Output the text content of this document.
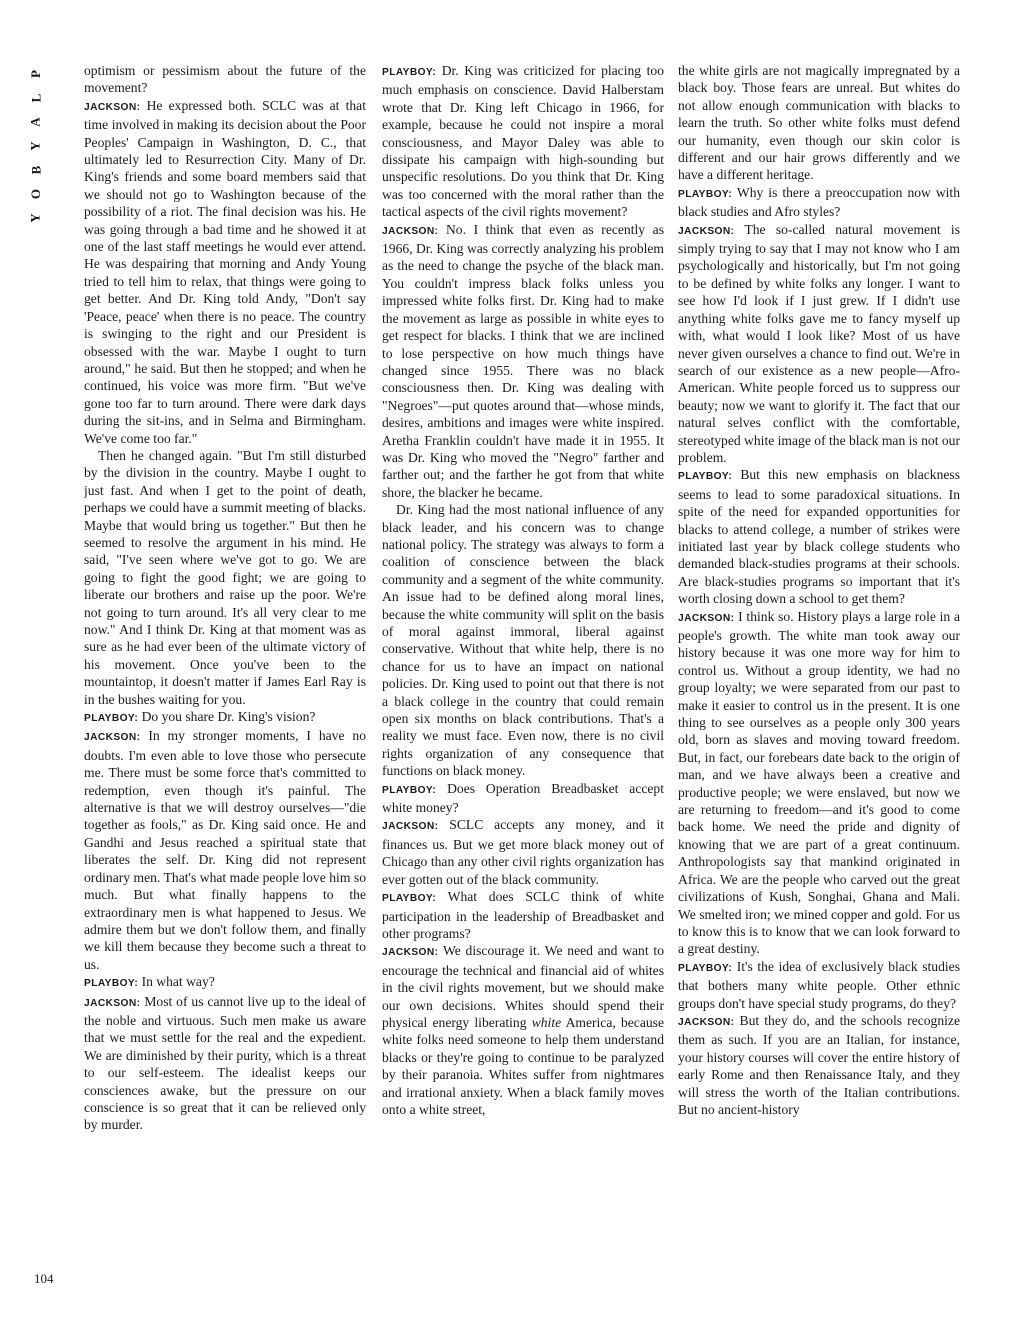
P
L
A
Y
B
O
Y
104

optimism or pessimism about the future of the movement?

JACKSON: He expressed both. SCLC was at that time involved in making its decision about the Poor Peoples' Campaign in Washington, D. C., that ultimately led to Resurrection City. Many of Dr. King's friends and some board members said that we should not go to Washington because of the possibility of a riot. The final decision was his. He was going through a bad time and he showed it at one of the last staff meetings he would ever attend. He was despairing that morning and Andy Young tried to tell him to relax, that things were going to get better. And Dr. King told Andy, "Don't say 'Peace, peace' when there is no peace. The country is swinging to the right and our President is obsessed with the war. Maybe I ought to turn around," he said. But then he stopped; and when he continued, his voice was more firm. "But we've gone too far to turn around. There were dark days during the sit-ins, and in Selma and Birmingham. We've come too far."

Then he changed again. "But I'm still disturbed by the division in the country. Maybe I ought to just fast. And when I get to the point of death, perhaps we could have a summit meeting of blacks. Maybe that would bring us together." But then he seemed to resolve the argument in his mind. He said, "I've seen where we've got to go. We are going to fight the good fight; we are going to liberate our brothers and raise up the poor. We're not going to turn around. It's all very clear to me now." And I think Dr. King at that moment was as sure as he had ever been of the ultimate victory of his movement. Once you've been to the mountaintop, it doesn't matter if James Earl Ray is in the bushes waiting for you.

PLAYBOY: Do you share Dr. King's vision?

JACKSON: In my stronger moments, I have no doubts. I'm even able to love those who persecute me. There must be some force that's committed to redemption, even though it's painful. The alternative is that we will destroy ourselves—"die together as fools," as Dr. King said once. He and Gandhi and Jesus reached a spiritual state that liberates the self. Dr. King did not represent ordinary men. That's what made people love him so much. But what finally happens to the extraordinary men is what happened to Jesus. We admire them but we don't follow them, and finally we kill them because they become such a threat to us.

PLAYBOY: In what way?

JACKSON: Most of us cannot live up to the ideal of the noble and virtuous. Such men make us aware that we must settle for the real and the expedient. We are diminished by their purity, which is a threat to our self-esteem. The idealist keeps our consciences awake, but the pressure on our conscience is so great that it can be relieved only by murder.

PLAYBOY: Dr. King was criticized for placing too much emphasis on conscience. David Halberstam wrote that Dr. King left Chicago in 1966, for example, because he could not inspire a moral consciousness, and Mayor Daley was able to dissipate his campaign with high-sounding but unspecific resolutions. Do you think that Dr. King was too concerned with the moral rather than the tactical aspects of the civil rights movement?

JACKSON: No. I think that even as recently as 1966, Dr. King was correctly analyzing his problem as the need to change the psyche of the black man. You couldn't impress black folks unless you impressed white folks first. Dr. King had to make the movement as large as possible in white eyes to get respect for blacks. I think that we are inclined to lose perspective on how much things have changed since 1955. There was no black consciousness then. Dr. King was dealing with "Negroes"—put quotes around that—whose minds, desires, ambitions and images were white inspired. Aretha Franklin couldn't have made it in 1955. It was Dr. King who moved the "Negro" farther and farther out; and the farther he got from that white shore, the blacker he became.

Dr. King had the most national influence of any black leader, and his concern was to change national policy. The strategy was always to form a coalition of conscience between the black community and a segment of the white community. An issue had to be defined along moral lines, because the white community will split on the basis of moral against immoral, liberal against conservative. Without that white help, there is no chance for us to have an impact on national policies. Dr. King used to point out that there is not a black college in the country that could remain open six months on black contributions. That's a reality we must face. Even now, there is no civil rights organization of any consequence that functions on black money.

PLAYBOY: Does Operation Breadbasket accept white money?

JACKSON: SCLC accepts any money, and it finances us. But we get more black money out of Chicago than any other civil rights organization has ever gotten out of the black community.

PLAYBOY: What does SCLC think of white participation in the leadership of Breadbasket and other programs?

JACKSON: We discourage it. We need and want to encourage the technical and financial aid of whites in the civil rights movement, but we should make our own decisions. Whites should spend their physical energy liberating white America, because white folks need someone to help them understand blacks or they're going to continue to be paralyzed by their paranoia. Whites suffer from nightmares and irrational anxiety. When a black family moves onto a white street,

the white girls are not magically impregnated by a black boy. Those fears are unreal. But whites do not allow enough communication with blacks to learn the truth. So other white folks must defend our humanity, even though our skin color is different and our hair grows differently and we have a different heritage.

PLAYBOY: Why is there a preoccupation now with black studies and Afro styles?

JACKSON: The so-called natural movement is simply trying to say that I may not know who I am psychologically and historically, but I'm not going to be defined by white folks any longer. I want to see how I'd look if I just grew. If I didn't use anything white folks gave me to fancy myself up with, what would I look like? Most of us have never given ourselves a chance to find out. We're in search of our existence as a new people—Afro-American. White people forced us to suppress our beauty; now we want to glorify it. The fact that our natural selves conflict with the comfortable, stereotyped white image of the black man is not our problem.

PLAYBOY: But this new emphasis on blackness seems to lead to some paradoxical situations. In spite of the need for expanded opportunities for blacks to attend college, a number of strikes were initiated last year by black college students who demanded black-studies programs at their schools. Are black-studies programs so important that it's worth closing down a school to get them?

JACKSON: I think so. History plays a large role in a people's growth. The white man took away our history because it was one more way for him to control us. Without a group identity, we had no group loyalty; we were separated from our past to make it easier to control us in the present. It is one thing to see ourselves as a people only 300 years old, born as slaves and moving toward freedom. But, in fact, our forebears date back to the origin of man, and we have always been a creative and productive people; we were enslaved, but now we are returning to freedom—and it's good to come back home. We need the pride and dignity of knowing that we are part of a great continuum. Anthropologists say that mankind originated in Africa. We are the people who carved out the great civilizations of Kush, Songhai, Ghana and Mali. We smelted iron; we mined copper and gold. For us to know this is to know that we can look forward to a great destiny.

PLAYBOY: It's the idea of exclusively black studies that bothers many white people. Other ethnic groups don't have special study programs, do they?

JACKSON: But they do, and the schools recognize them as such. If you are an Italian, for instance, your history courses will cover the entire history of early Rome and then Renaissance Italy, and they will stress the worth of the Italian contributions. But no ancient-history
